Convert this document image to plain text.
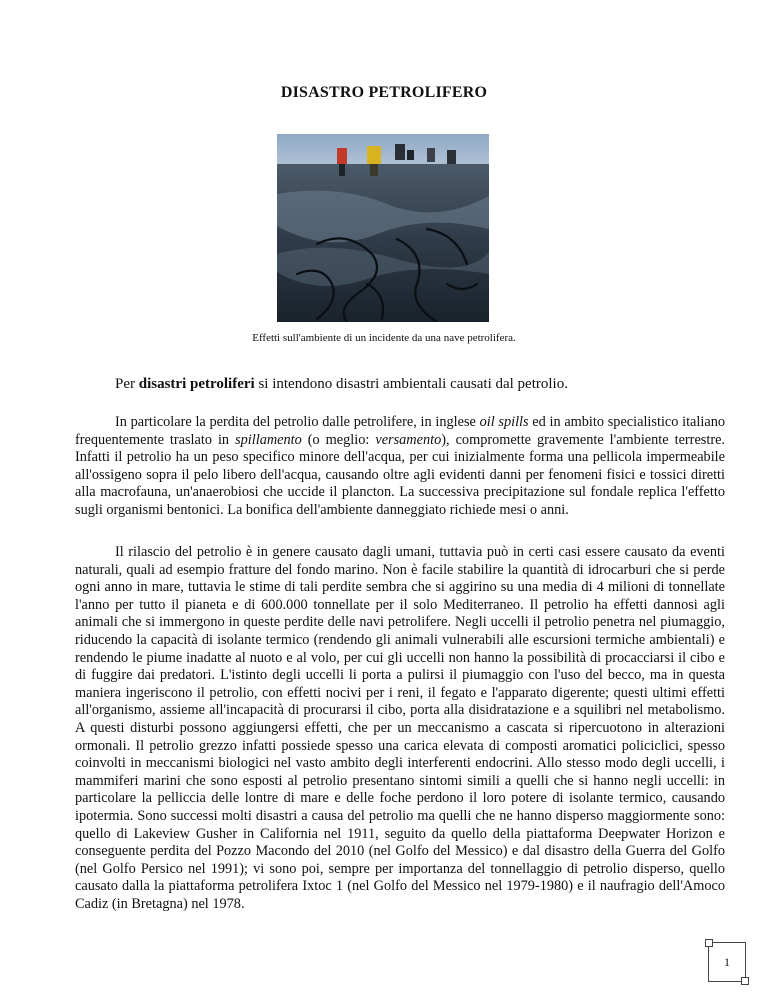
DISASTRO PETROLIFERO
Effetti sull'ambiente di un incidente da una nave petrolifera.

Per disastri petroliferi si intendono disastri ambientali causati dal petrolio.

In particolare la perdita del petrolio dalle petrolifere, in inglese oil spills ed in ambito specialistico italiano frequentemente traslato in spillamento (o meglio: versamento), compromette gravemente l'ambiente terrestre. Infatti il petrolio ha un peso specifico minore dell'acqua, per cui inizialmente forma una pellicola impermeabile all'ossigeno sopra il pelo libero dell'acqua, causando oltre agli evidenti danni per fenomeni fisici e tossici diretti alla macrofauna, un'anaerobiosi che uccide il plancton. La successiva precipitazione sul fondale replica l'effetto sugli organismi bentonici. La bonifica dell'ambiente danneggiato richiede mesi o anni.

Il rilascio del petrolio è in genere causato dagli umani, tuttavia può in certi casi essere causato da eventi naturali, quali ad esempio fratture del fondo marino. Non è facile stabilire la quantità di idrocarburi che si perde ogni anno in mare, tuttavia le stime di tali perdite sembra che si aggirino su una media di 4 milioni di tonnellate l'anno per tutto il pianeta e di 600.000 tonnellate per il solo Mediterraneo. Il petrolio ha effetti dannosi agli animali che si immergono in queste perdite delle navi petrolifere. Negli uccelli il petrolio penetra nel piumaggio, riducendo la capacità di isolante termico (rendendo gli animali vulnerabili alle escursioni termiche ambientali) e rendendo le piume inadatte al nuoto e al volo, per cui gli uccelli non hanno la possibilità di procacciarsi il cibo e di fuggire dai predatori. L'istinto degli uccelli li porta a pulirsi il piumaggio con l'uso del becco, ma in questa maniera ingeriscono il petrolio, con effetti nocivi per i reni, il fegato e l'apparato digerente; questi ultimi effetti all'organismo, assieme all'incapacità di procurarsi il cibo, porta alla disidratazione e a squilibri nel metabolismo. A questi disturbi possono aggiungersi effetti, che per un meccanismo a cascata si ripercuotono in alterazioni ormonali. Il petrolio grezzo infatti possiede spesso una carica elevata di composti aromatici policiclici, spesso coinvolti in meccanismi biologici nel vasto ambito degli interferenti endocrini. Allo stesso modo degli uccelli, i mammiferi marini che sono esposti al petrolio presentano sintomi simili a quelli che si hanno negli uccelli: in particolare la pelliccia delle lontre di mare e delle foche perdono il loro potere di isolante termico, causando ipotermia. Sono successi molti disastri a causa del petrolio ma quelli che ne hanno disperso maggiormente sono: quello di Lakeview Gusher in California nel 1911, seguito da quello della piattaforma Deepwater Horizon e conseguente perdita del Pozzo Macondo del 2010 (nel Golfo del Messico) e dal disastro della Guerra del Golfo (nel Golfo Persico nel 1991); vi sono poi, sempre per importanza del tonnellaggio di petrolio disperso, quello causato dalla la piattaforma petrolifera Ixtoc 1 (nel Golfo del Messico nel 1979-1980) e il naufragio dell'Amoco Cadiz (in Bretagna) nel 1978.

1
